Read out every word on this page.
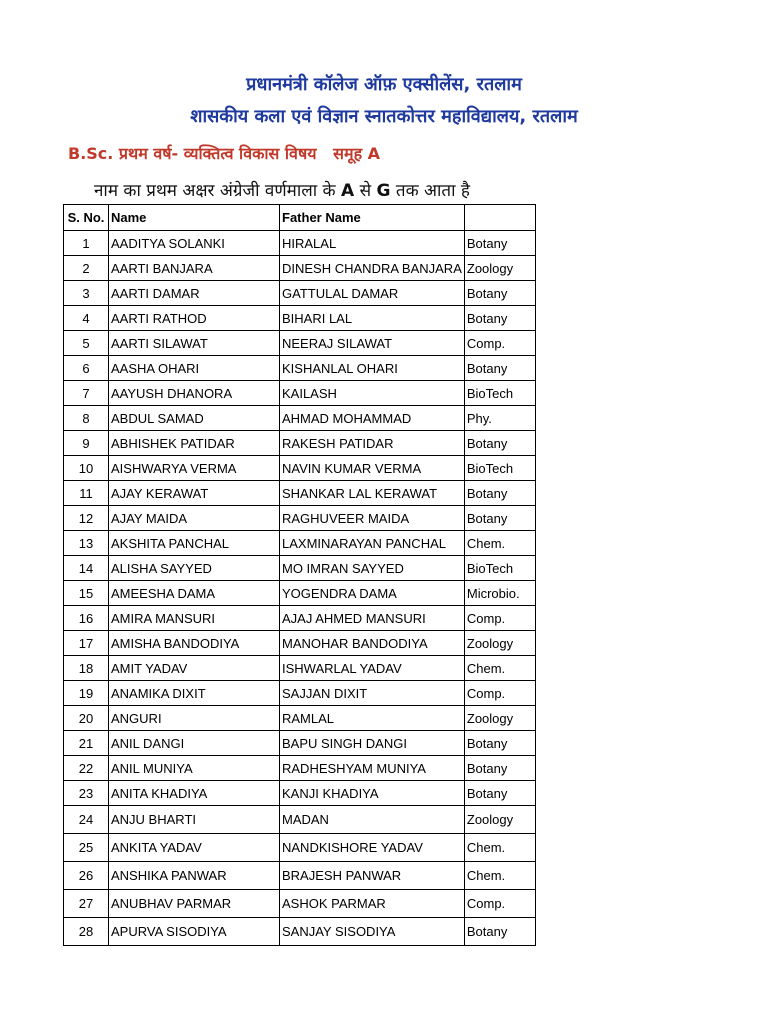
प्रधानमंत्री कॉलेज ऑफ़ एक्सीलेंस, रतलाम
शासकीय कला एवं विज्ञान स्नातकोत्तर महाविद्यालय, रतलाम
B.Sc. प्रथम वर्ष- व्यक्तित्व विकास विषय   समूह A
नाम का प्रथम अक्षर अंग्रेजी वर्णमाला के A से G तक आता है
S. No.	Name	Father Name	
1	AADITYA SOLANKI	HIRALAL	Botany
2	AARTI BANJARA	DINESH CHANDRA BANJARA	Zoology
3	AARTI DAMAR	GATTULAL DAMAR	Botany
4	AARTI RATHOD	BIHARI LAL	Botany
5	AARTI SILAWAT	NEERAJ SILAWAT	Comp.
6	AASHA OHARI	KISHANLAL OHARI	Botany
7	AAYUSH DHANORA	KAILASH	BioTech
8	ABDUL SAMAD	AHMAD MOHAMMAD	Phy.
9	ABHISHEK PATIDAR	RAKESH PATIDAR	Botany
10	AISHWARYA VERMA	NAVIN KUMAR VERMA	BioTech
11	AJAY KERAWAT	SHANKAR LAL KERAWAT	Botany
12	AJAY MAIDA	RAGHUVEER MAIDA	Botany
13	AKSHITA PANCHAL	LAXMINARAYAN PANCHAL	Chem.
14	ALISHA SAYYED	MO IMRAN SAYYED	BioTech
15	AMEESHA DAMA	YOGENDRA DAMA	Microbio.
16	AMIRA MANSURI	AJAJ AHMED MANSURI	Comp.
17	AMISHA BANDODIYA	MANOHAR BANDODIYA	Zoology
18	AMIT YADAV	ISHWARLAL YADAV	Chem.
19	ANAMIKA DIXIT	SAJJAN DIXIT	Comp.
20	ANGURI	RAMLAL	Zoology
21	ANIL DANGI	BAPU SINGH DANGI	Botany
22	ANIL MUNIYA	RADHESHYAM MUNIYA	Botany
23	ANITA KHADIYA	KANJI KHADIYA	Botany
24	ANJU BHARTI	MADAN	Zoology
25	ANKITA YADAV	NANDKISHORE YADAV	Chem.
26	ANSHIKA PANWAR	BRAJESH PANWAR	Chem.
27	ANUBHAV PARMAR	ASHOK PARMAR	Comp.
28	APURVA SISODIYA	SANJAY SISODIYA	Botany
